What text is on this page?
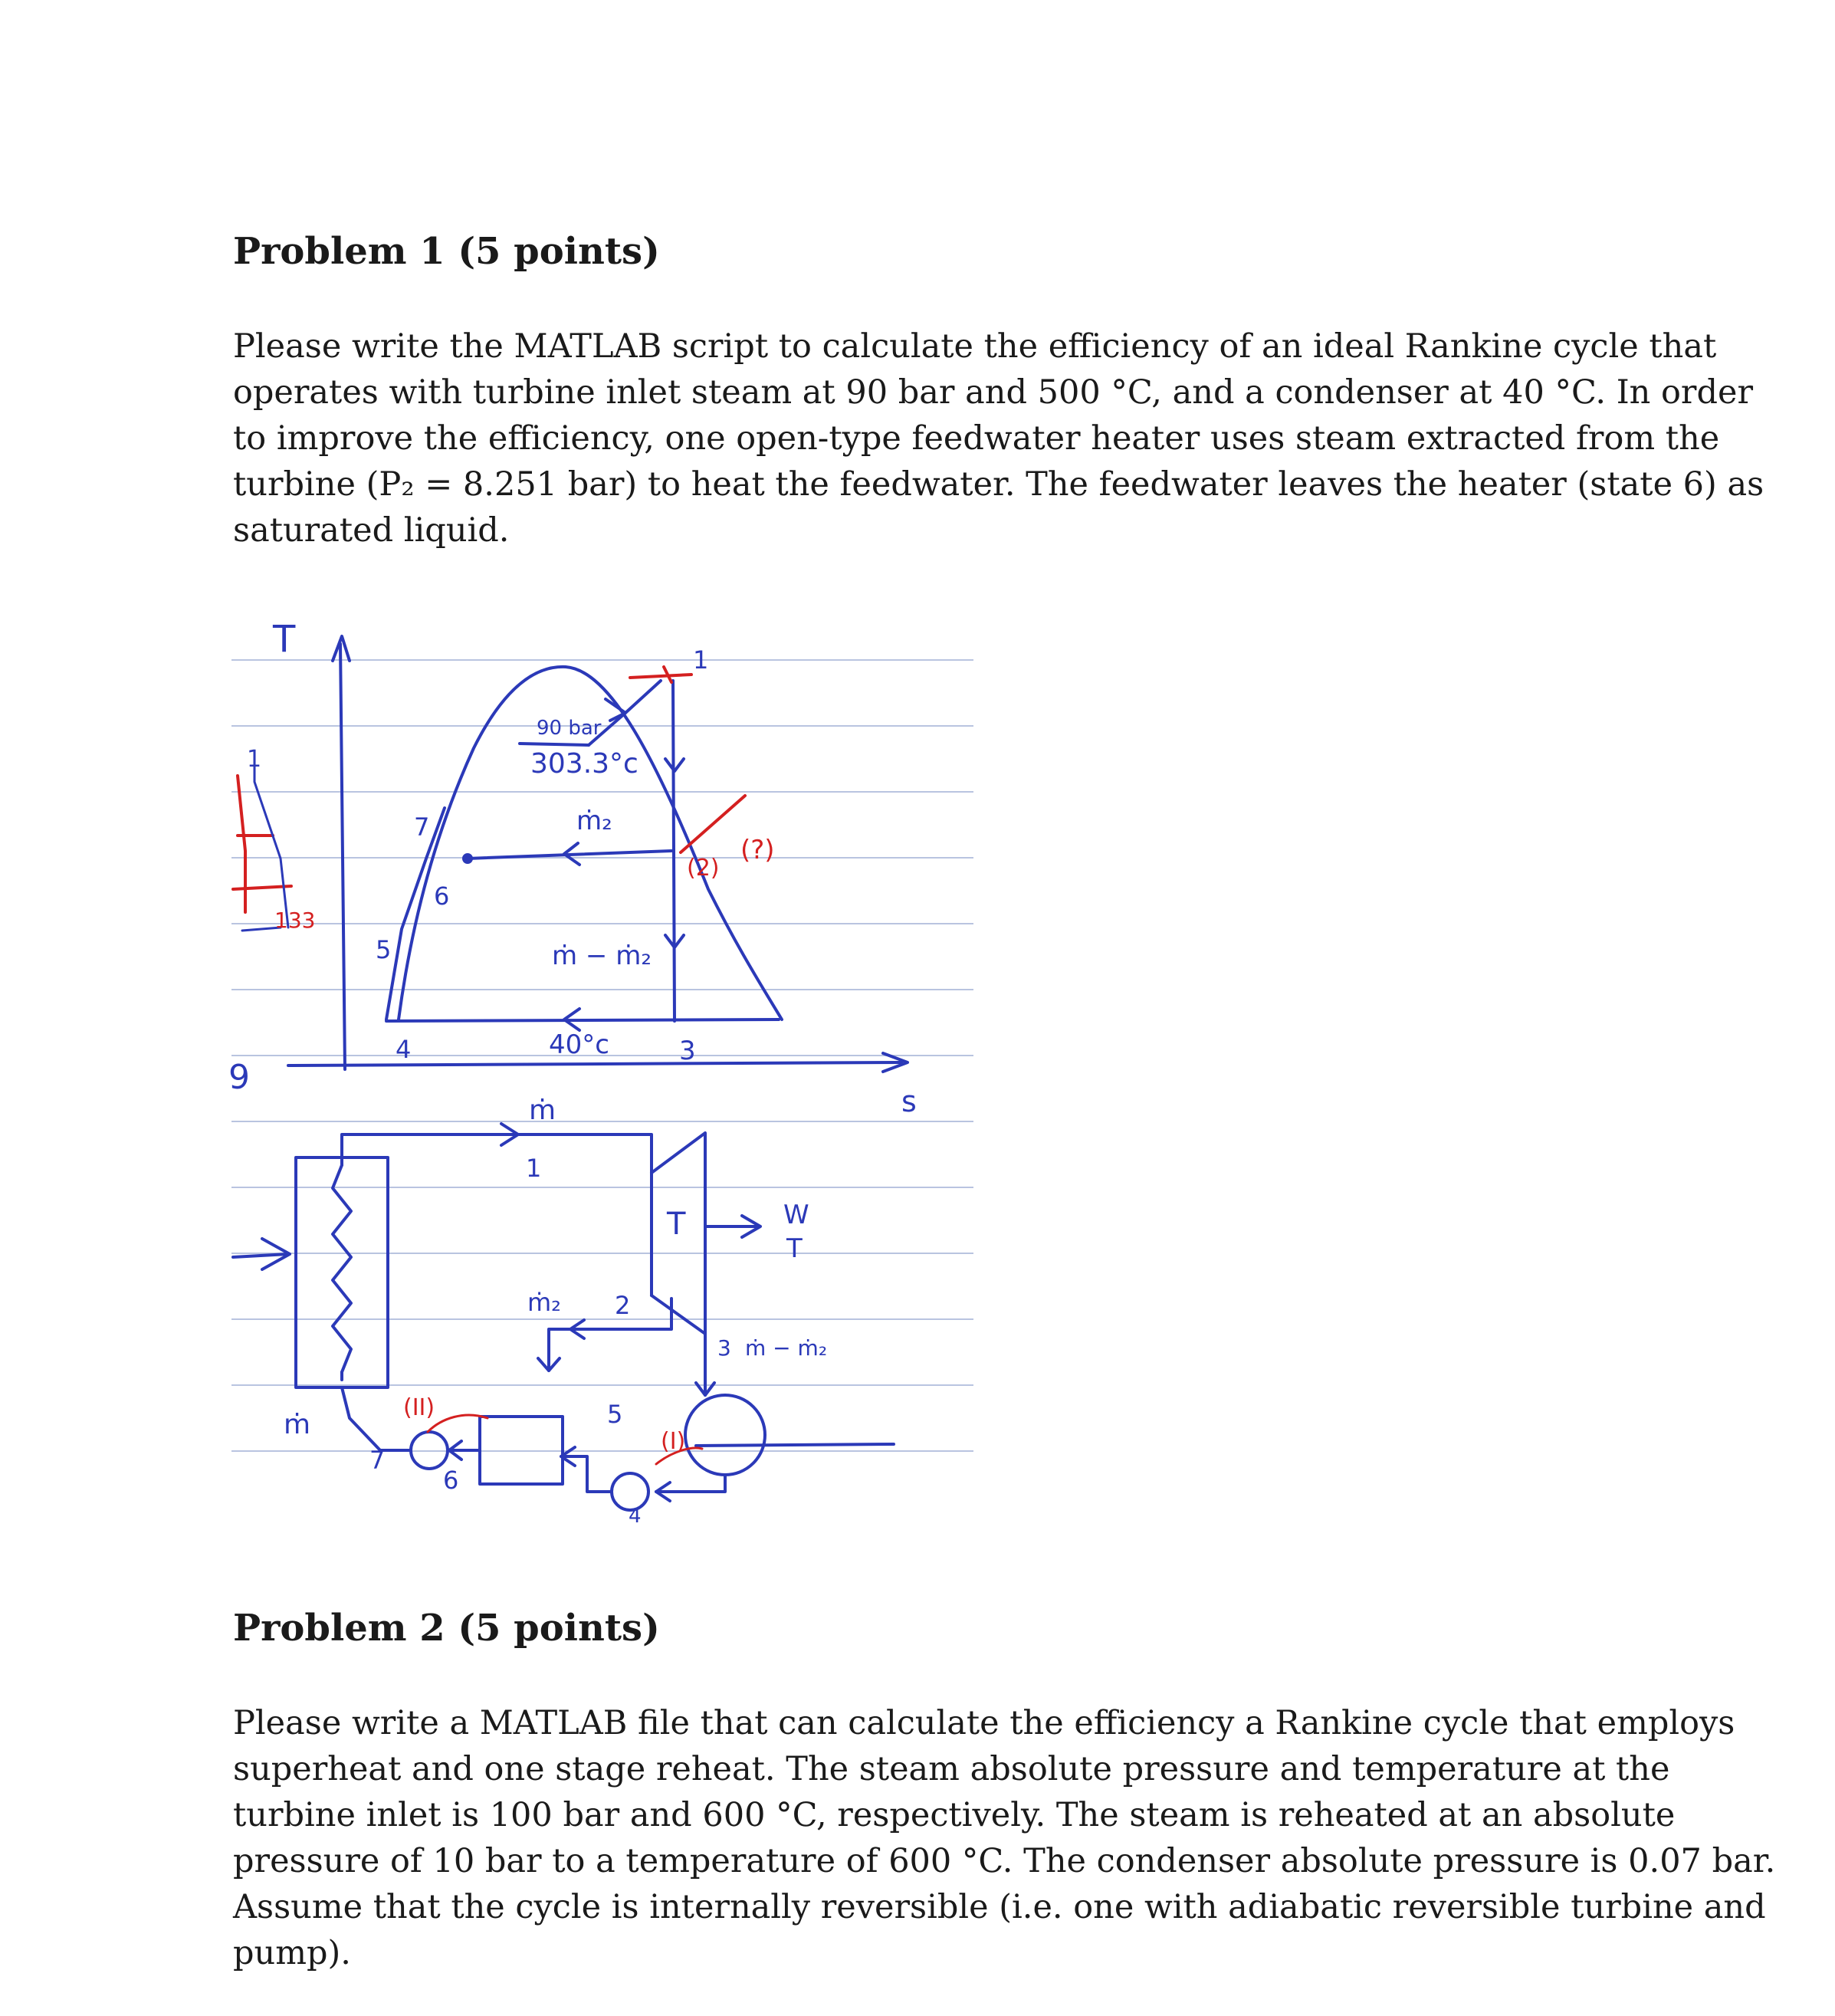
Problem 1 (5 points)

Please write the MATLAB script to calculate the efficiency of an ideal Rankine cycle that
operates with turbine inlet steam at 90 bar and 500 °C, and a condenser at 40 °C. In order
to improve the efficiency, one open-type feedwater heater uses steam extracted from the
turbine (P₂ = 8.251 bar) to heat the feedwater. The feedwater leaves the heater (state 6) as
saturated liquid.

T
s
90 bar
303.3°c
ṁ₂
ṁ − ṁ₂
40°c
1
(2)
(?)
3
4
5
6
7
1
133
9
ṁ
1
T	W
T
ṁ₂ 2
3 ṁ − ṁ₂
ṁ
(II)
(I)
5
6
7
4
Problem 2 (5 points)

Please write a MATLAB file that can calculate the efficiency a Rankine cycle that employs
superheat and one stage reheat. The steam absolute pressure and temperature at the
turbine inlet is 100 bar and 600 °C, respectively. The steam is reheated at an absolute
pressure of 10 bar to a temperature of 600 °C. The condenser absolute pressure is 0.07 bar.
Assume that the cycle is internally reversible (i.e. one with adiabatic reversible turbine and
pump).
